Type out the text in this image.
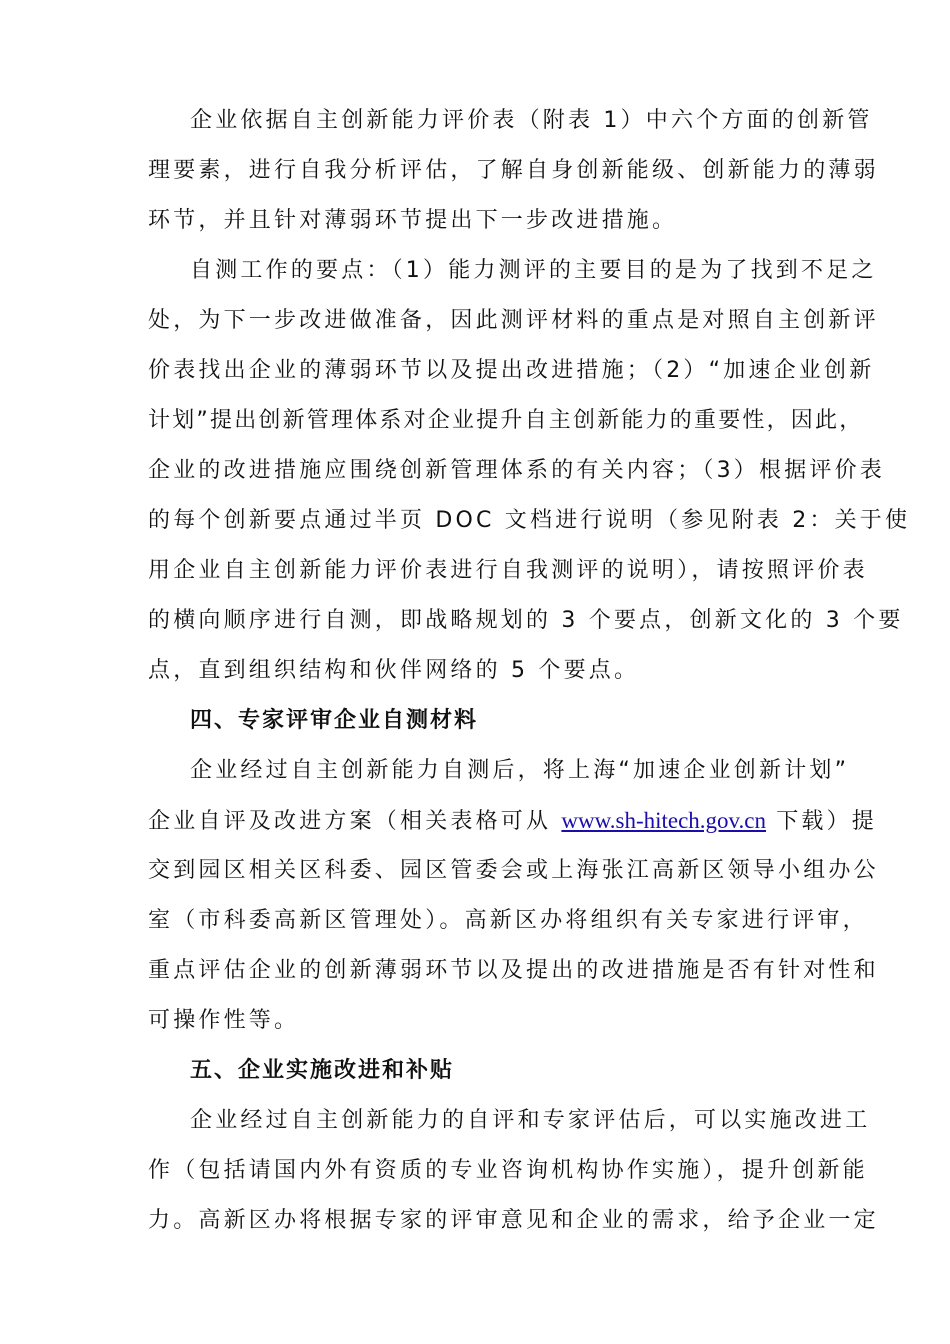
企业依据自主创新能力评价表（附表 1）中六个方面的创新管
理要素，进行自我分析评估，了解自身创新能级、创新能力的薄弱
环节，并且针对薄弱环节提出下一步改进措施。
自测工作的要点：（1）能力测评的主要目的是为了找到不足之
处，为下一步改进做准备，因此测评材料的重点是对照自主创新评
价表找出企业的薄弱环节以及提出改进措施；（2）“加速企业创新
计划”提出创新管理体系对企业提升自主创新能力的重要性，因此，
企业的改进措施应围绕创新管理体系的有关内容；（3）根据评价表
的每个创新要点通过半页 DOC 文档进行说明（参见附表 2：关于使
用企业自主创新能力评价表进行自我测评的说明），请按照评价表
的横向顺序进行自测，即战略规划的 3 个要点，创新文化的 3 个要
点，直到组织结构和伙伴网络的 5 个要点。
四、专家评审企业自测材料
企业经过自主创新能力自测后，将上海“加速企业创新计划”
企业自评及改进方案（相关表格可从 www.sh-hitech.gov.cn 下载）提
交到园区相关区科委、园区管委会或上海张江高新区领导小组办公
室（市科委高新区管理处）。高新区办将组织有关专家进行评审，
重点评估企业的创新薄弱环节以及提出的改进措施是否有针对性和
可操作性等。
五、企业实施改进和补贴
企业经过自主创新能力的自评和专家评估后，可以实施改进工
作（包括请国内外有资质的专业咨询机构协作实施），提升创新能
力。高新区办将根据专家的评审意见和企业的需求，给予企业一定
